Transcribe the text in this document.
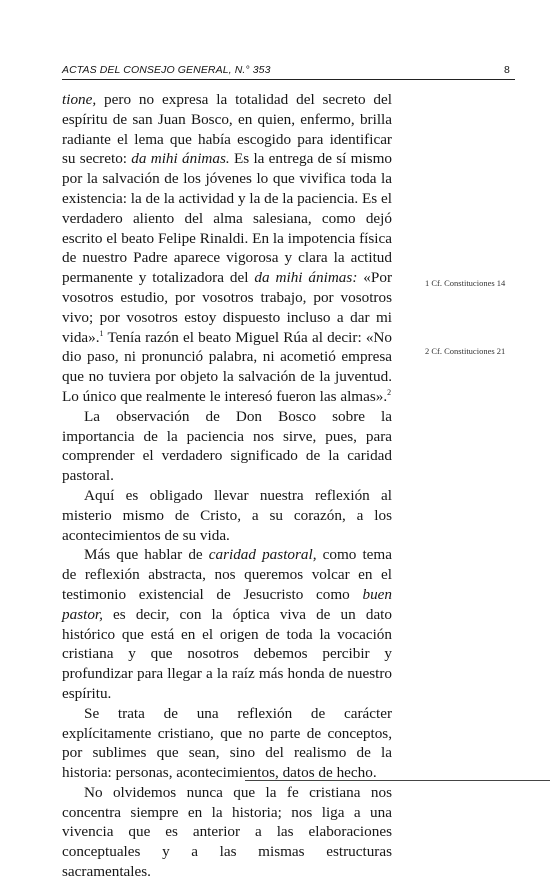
ACTAS DEL CONSEJO GENERAL, N.° 353	8

tione, pero no expresa la totalidad del secreto del espíritu de san Juan Bosco, en quien, enfermo, brilla radiante el lema que había escogido para identificar su secreto: da mihi ánimas. Es la entrega de sí mismo por la salvación de los jóvenes lo que vivifica toda la existencia: la de la actividad y la de la paciencia. Es el verdadero aliento del alma salesiana, como dejó escrito el beato Felipe Rinaldi. En la impotencia física de nuestro Padre aparece vigorosa y clara la actitud permanente y totalizadora del da mihi ánimas: «Por vosotros estudio, por vosotros trabajo, por vosotros vivo; por vosotros estoy dispuesto incluso a dar mi vida».$^1$ Tenía razón el beato Miguel Rúa al decir: «No dio paso, ni pronunció palabra, ni acometió empresa que no tuviera por objeto la salvación de la juventud. Lo único que realmente le interesó fueron las almas».$^2$

La observación de Don Bosco sobre la importancia de la paciencia nos sirve, pues, para comprender el verdadero significado de la caridad pastoral.

Aquí es obligado llevar nuestra reflexión al misterio mismo de Cristo, a su corazón, a los acontecimientos de su vida.

Más que hablar de caridad pastoral, como tema de reflexión abstracta, nos queremos volcar en el testimonio existencial de Jesucristo como buen pastor, es decir, con la óptica viva de un dato histórico que está en el origen de toda la vocación cristiana y que nosotros debemos percibir y profundizar para llegar a la raíz más honda de nuestro espíritu.

Se trata de una reflexión de carácter explícitamente cristiano, que no parte de conceptos, por sublimes que sean, sino del realismo de la historia: personas, acontecimientos, datos de hecho.

No olvidemos nunca que la fe cristiana nos concentra siempre en la historia; nos liga a una vivencia que es anterior a las elaboraciones conceptuales y a las mismas estructuras sacramentales.

1 Cf. Constituciones 14
2 Cf. Constituciones 21
